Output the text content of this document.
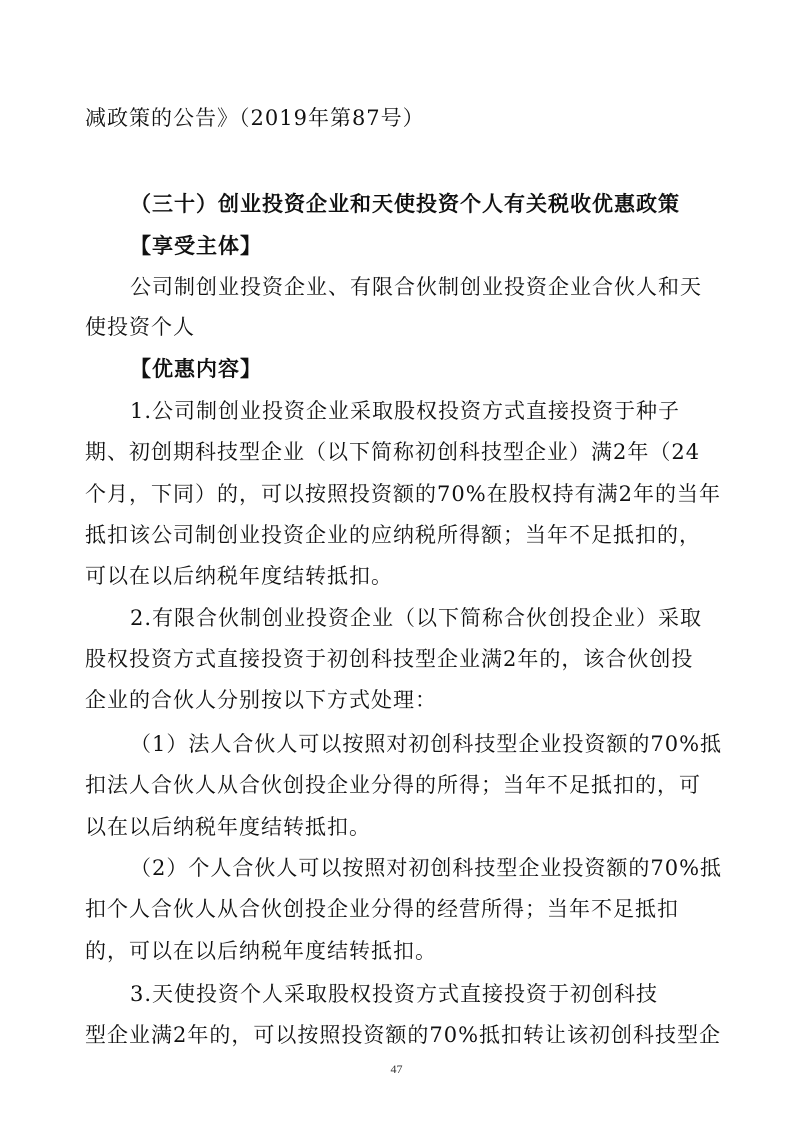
减政策的公告》（2019年第87号）
（三十）创业投资企业和天使投资个人有关税收优惠政策
【享受主体】
公司制创业投资企业、有限合伙制创业投资企业合伙人和天
使投资个人
【优惠内容】
1.公司制创业投资企业采取股权投资方式直接投资于种子
期、初创期科技型企业（以下简称初创科技型企业）满2年（24
个月，下同）的，可以按照投资额的70%在股权持有满2年的当年
抵扣该公司制创业投资企业的应纳税所得额；当年不足抵扣的，
可以在以后纳税年度结转抵扣。
2.有限合伙制创业投资企业（以下简称合伙创投企业）采取
股权投资方式直接投资于初创科技型企业满2年的，该合伙创投
企业的合伙人分别按以下方式处理：
（1）法人合伙人可以按照对初创科技型企业投资额的70%抵
扣法人合伙人从合伙创投企业分得的所得；当年不足抵扣的，可
以在以后纳税年度结转抵扣。
（2）个人合伙人可以按照对初创科技型企业投资额的70%抵
扣个人合伙人从合伙创投企业分得的经营所得；当年不足抵扣
的，可以在以后纳税年度结转抵扣。
3.天使投资个人采取股权投资方式直接投资于初创科技
型企业满2年的，可以按照投资额的70%抵扣转让该初创科技型企
47
